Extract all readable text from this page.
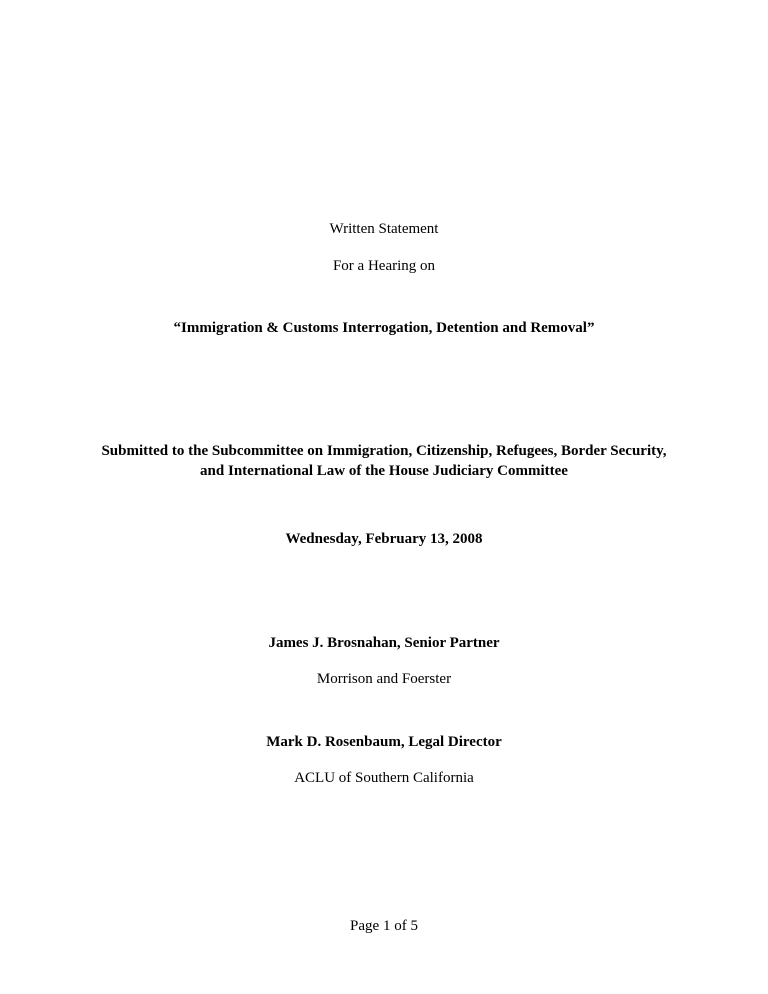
Written Statement
For a Hearing on
“Immigration & Customs Interrogation, Detention and Removal”
Submitted to the Subcommittee on Immigration, Citizenship, Refugees, Border Security,
and International Law of the House Judiciary Committee
Wednesday, February 13, 2008
James J. Brosnahan, Senior Partner
Morrison and Foerster
Mark D. Rosenbaum, Legal Director
ACLU of Southern California
Page 1 of 5
